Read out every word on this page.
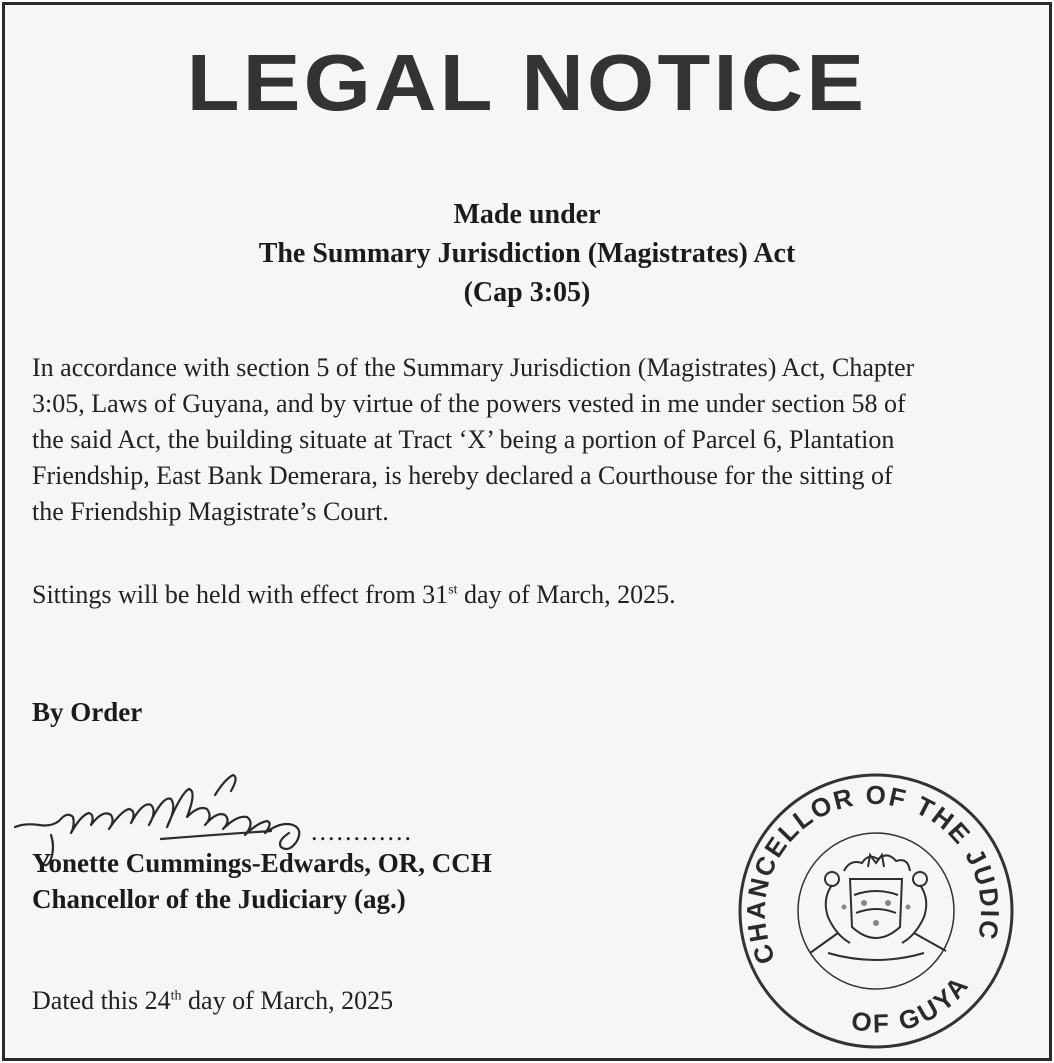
LEGAL NOTICE
Made under
The Summary Jurisdiction (Magistrates) Act
(Cap 3:05)
In accordance with section 5 of the Summary Jurisdiction (Magistrates) Act, Chapter
3:05, Laws of Guyana, and by virtue of the powers vested in me under section 58 of
the said Act, the building situate at Tract ‘X’ being a portion of Parcel 6, Plantation
Friendship, East Bank Demerara, is hereby declared a Courthouse for the sitting of
the Friendship Magistrate’s Court.
Sittings will be held with effect from 31st day of March, 2025.
By Order
............
Yonette Cummings-Edwards, OR, CCH
Chancellor of the Judiciary (ag.)
Dated this 24th day of March, 2025
CHANCELLOR OF THE JUDIC
OF GUYA
